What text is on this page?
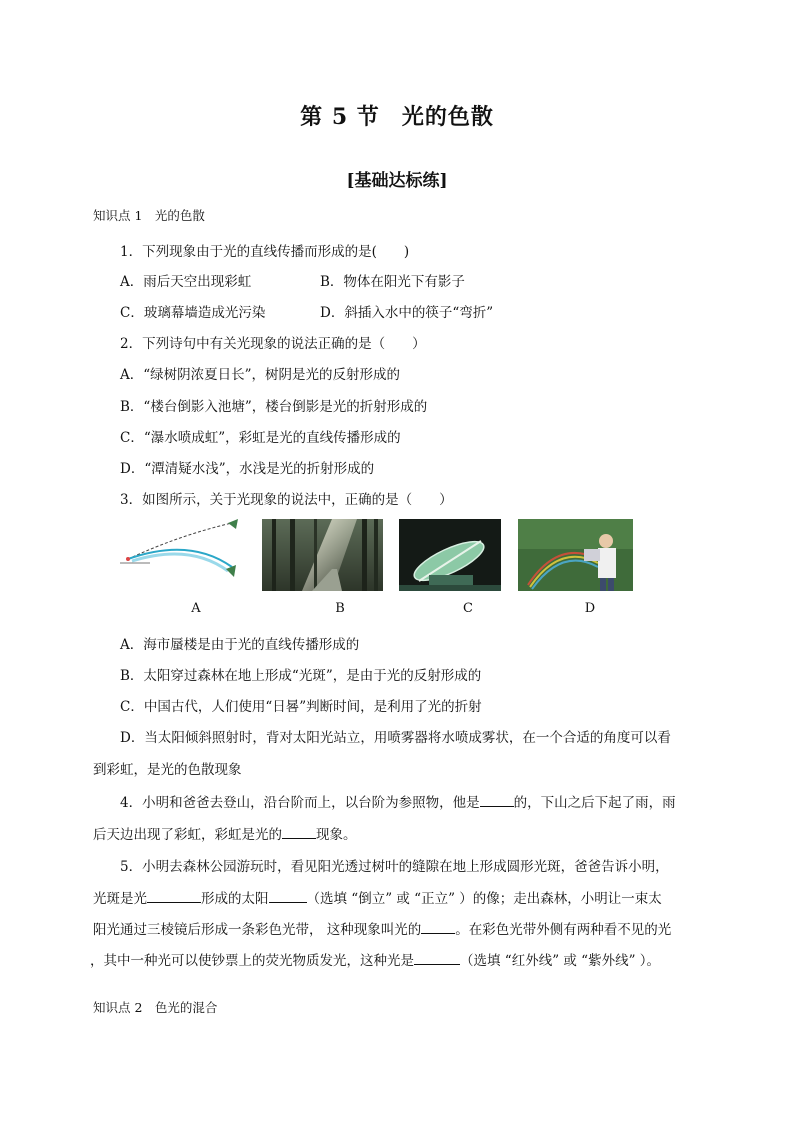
第 5 节 光的色散
[基础达标练]
知识点 1　光的色散
1．下列现象由于光的直线传播而形成的是(　　)
A．雨后天空出现彩虹	B．物体在阳光下有影子
C．玻璃幕墙造成光污染	D．斜插入水中的筷子“弯折”
2．下列诗句中有关光现象的说法正确的是（　　）
A．“绿树阴浓夏日长”，树阴是光的反射形成的
B．“楼台倒影入池塘”，楼台倒影是光的折射形成的
C．“瀑水喷成虹”，彩虹是光的直线传播形成的
D．“潭清疑水浅”，水浅是光的折射形成的
3．如图所示，关于光现象的说法中，正确的是（　　）
A	B	C	D
A．海市蜃楼是由于光的直线传播形成的
B．太阳穿过森林在地上形成“光斑”，是由于光的反射形成的
C．中国古代，人们使用“日晷”判断时间，是利用了光的折射
D．当太阳倾斜照射时，背对太阳光站立，用喷雾器将水喷成雾状，在一个合适的角度可以看
到彩虹，是光的色散现象
4．小明和爸爸去登山，沿台阶而上，以台阶为参照物，他是	的，下山之后下起了雨，雨
后天边出现了彩虹，彩虹是光的	现象。
5．小明去森林公园游玩时，看见阳光透过树叶的缝隙在地上形成圆形光斑，爸爸告诉小明，
光斑是光	形成的太阳	（选填 “倒立” 或 “正立” ）的像；走出森林，小明让一束太
阳光通过三棱镜后形成一条彩色光带， 这种现象叫光的	。在彩色光带外侧有两种看不见的光
，其中一种光可以使钞票上的荧光物质发光，这种光是	（选填 “红外线” 或 “紫外线” ）。
知识点 2　色光的混合
